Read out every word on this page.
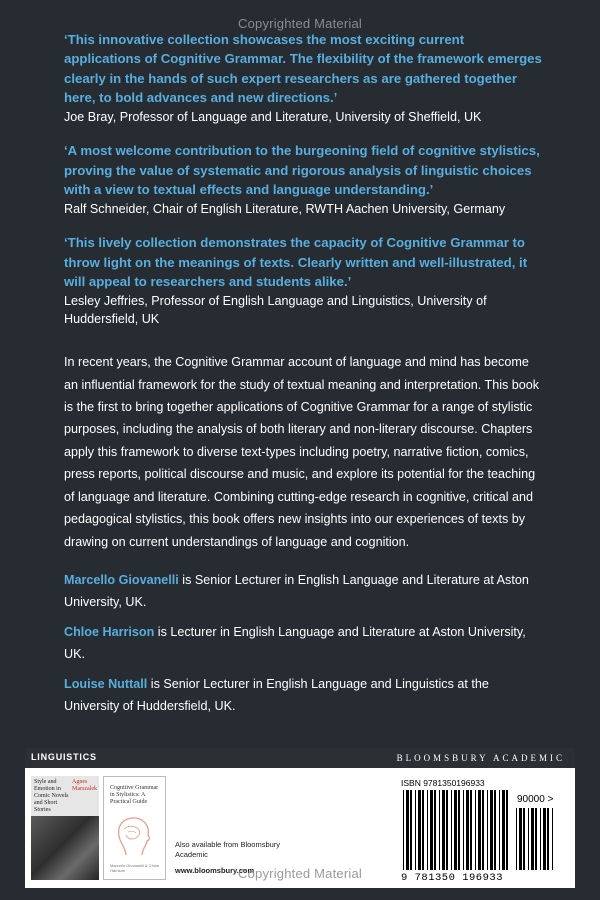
Copyrighted Material
‘This innovative collection showcases the most exciting current applications of Cognitive Grammar. The flexibility of the framework emerges clearly in the hands of such expert researchers as are gathered together here, to bold advances and new directions.’
Joe Bray, Professor of Language and Literature, University of Sheffield, UK
‘A most welcome contribution to the burgeoning field of cognitive stylistics, proving the value of systematic and rigorous analysis of linguistic choices with a view to textual effects and language understanding.’
Ralf Schneider, Chair of English Literature, RWTH Aachen University, Germany
‘This lively collection demonstrates the capacity of Cognitive Grammar to throw light on the meanings of texts. Clearly written and well-illustrated, it will appeal to researchers and students alike.’
Lesley Jeffries, Professor of English Language and Linguistics, University of Huddersfield, UK
In recent years, the Cognitive Grammar account of language and mind has become an influential framework for the study of textual meaning and interpretation. This book is the first to bring together applications of Cognitive Grammar for a range of stylistic purposes, including the analysis of both literary and non-literary discourse. Chapters apply this framework to diverse text-types including poetry, narrative fiction, comics, press reports, political discourse and music, and explore its potential for the teaching of language and literature. Combining cutting-edge research in cognitive, critical and pedagogical stylistics, this book offers new insights into our experiences of texts by drawing on current understandings of language and cognition.
Marcello Giovanelli is Senior Lecturer in English Language and Literature at Aston University, UK.
Chloe Harrison is Lecturer in English Language and Literature at Aston University, UK.
Louise Nuttall is Senior Lecturer in English Language and Linguistics at the University of Huddersfield, UK.
LINGUISTICS	BLOOMSBURY ACADEMIC
Style and Emotion in Comic Novels and Short Stories
Agnes Marszalek Cognitive Grammar in Stylistics: A Practical Guide
Marcello Giovanelli & Chloe Harrison
Also available from Bloomsbury Academic
www.bloomsbury.com
ISBN 9781350196933
90000 >
9 781350 196933
Copyrighted Material
